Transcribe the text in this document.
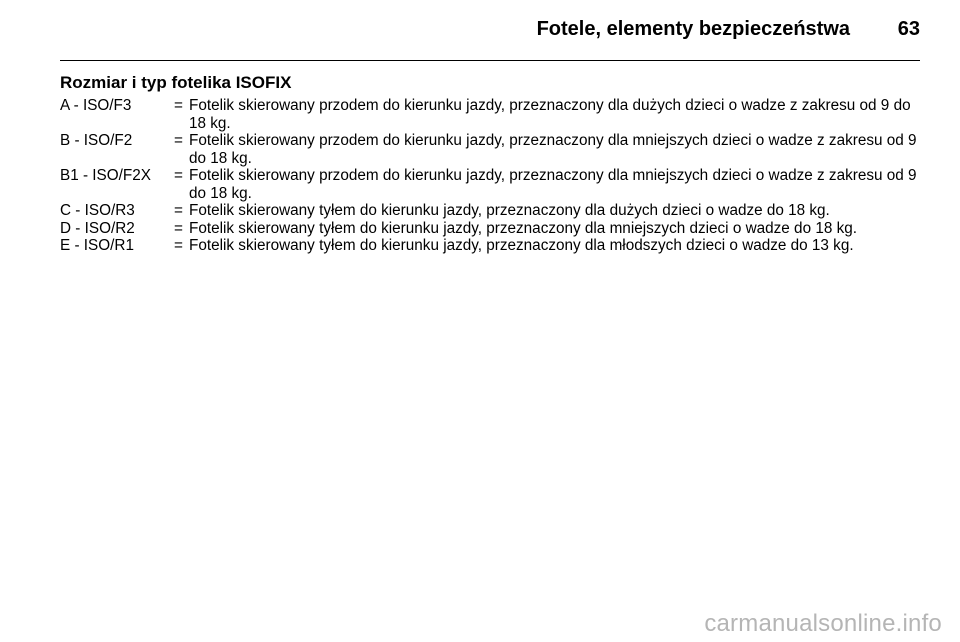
Fotele, elementy bezpieczeństwa 63
Rozmiar i typ fotelika ISOFIX
A - ISO/F3	= Fotelik skierowany przodem do kierunku jazdy, przeznaczony dla dużych dzieci o wadze z zakresu od 9 do 18 kg.
B - ISO/F2	= Fotelik skierowany przodem do kierunku jazdy, przeznaczony dla mniejszych dzieci o wadze z zakresu od 9 do 18 kg.
B1 - ISO/F2X	= Fotelik skierowany przodem do kierunku jazdy, przeznaczony dla mniejszych dzieci o wadze z zakresu od 9 do 18 kg.
C - ISO/R3	= Fotelik skierowany tyłem do kierunku jazdy, przeznaczony dla dużych dzieci o wadze do 18 kg.
D - ISO/R2	= Fotelik skierowany tyłem do kierunku jazdy, przeznaczony dla mniejszych dzieci o wadze do 18 kg.
E - ISO/R1	= Fotelik skierowany tyłem do kierunku jazdy, przeznaczony dla młodszych dzieci o wadze do 13 kg.
carmanualsonline.info
